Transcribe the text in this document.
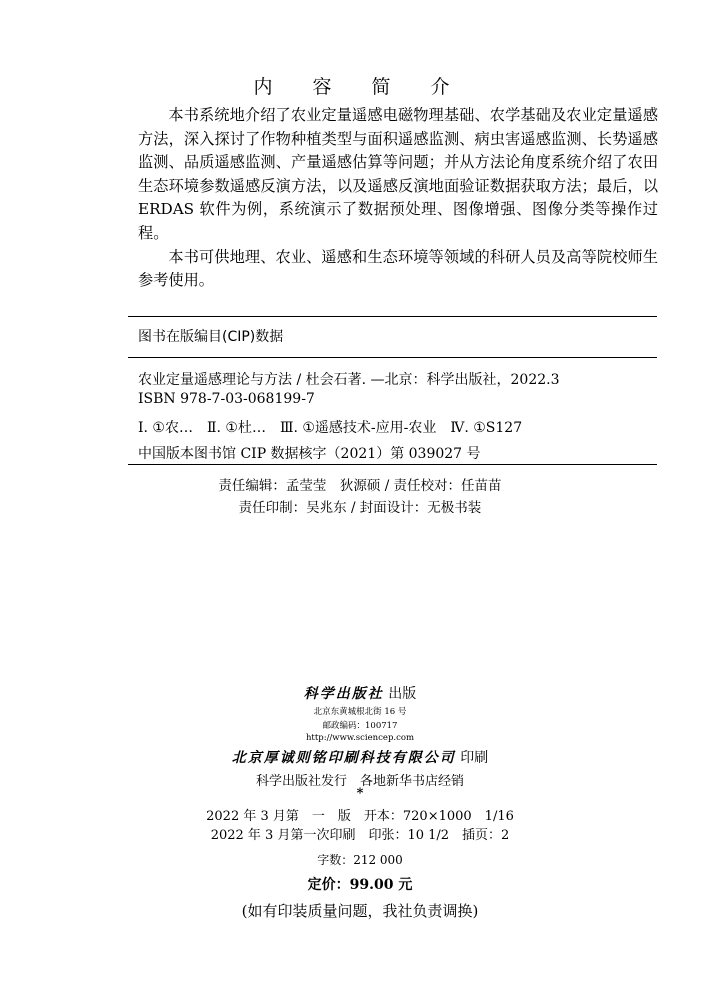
内 容 简 介

本书系统地介绍了农业定量遥感电磁物理基础、农学基础及农业定量遥感方法，深入探讨了作物种植类型与面积遥感监测、病虫害遥感监测、长势遥感监测、品质遥感监测、产量遥感估算等问题；并从方法论角度系统介绍了农田生态环境参数遥感反演方法，以及遥感反演地面验证数据获取方法；最后，以 ERDAS 软件为例，系统演示了数据预处理、图像增强、图像分类等操作过程。

本书可供地理、农业、遥感和生态环境等领域的科研人员及高等院校师生参考使用。

图书在版编目(CIP)数据
农业定量遥感理论与方法 / 杜会石著. —北京：科学出版社，2022.3
ISBN 978-7-03-068199-7
Ⅰ. ①农…　Ⅱ. ①杜…　Ⅲ. ①遥感技术-应用-农业　Ⅳ. ①S127
中国版本图书馆 CIP 数据核字（2021）第 039027 号
责任编辑：孟莹莹　狄源硕 / 责任校对：任苗苗
责任印制：吴兆东 / 封面设计：无极书装
科学出版社 出版
北京东黄城根北街 16 号
邮政编码：100717
http://www.sciencep.com
北京厚诚则铭印刷科技有限公司 印刷
科学出版社发行　各地新华书店经销
*
2022 年 3 月第　一　版　开本：720×1000　1/16
2022 年 3 月第一次印刷　印张：10 1/2　插页：2
字数：212 000
定价：99.00 元
(如有印装质量问题，我社负责调换)
